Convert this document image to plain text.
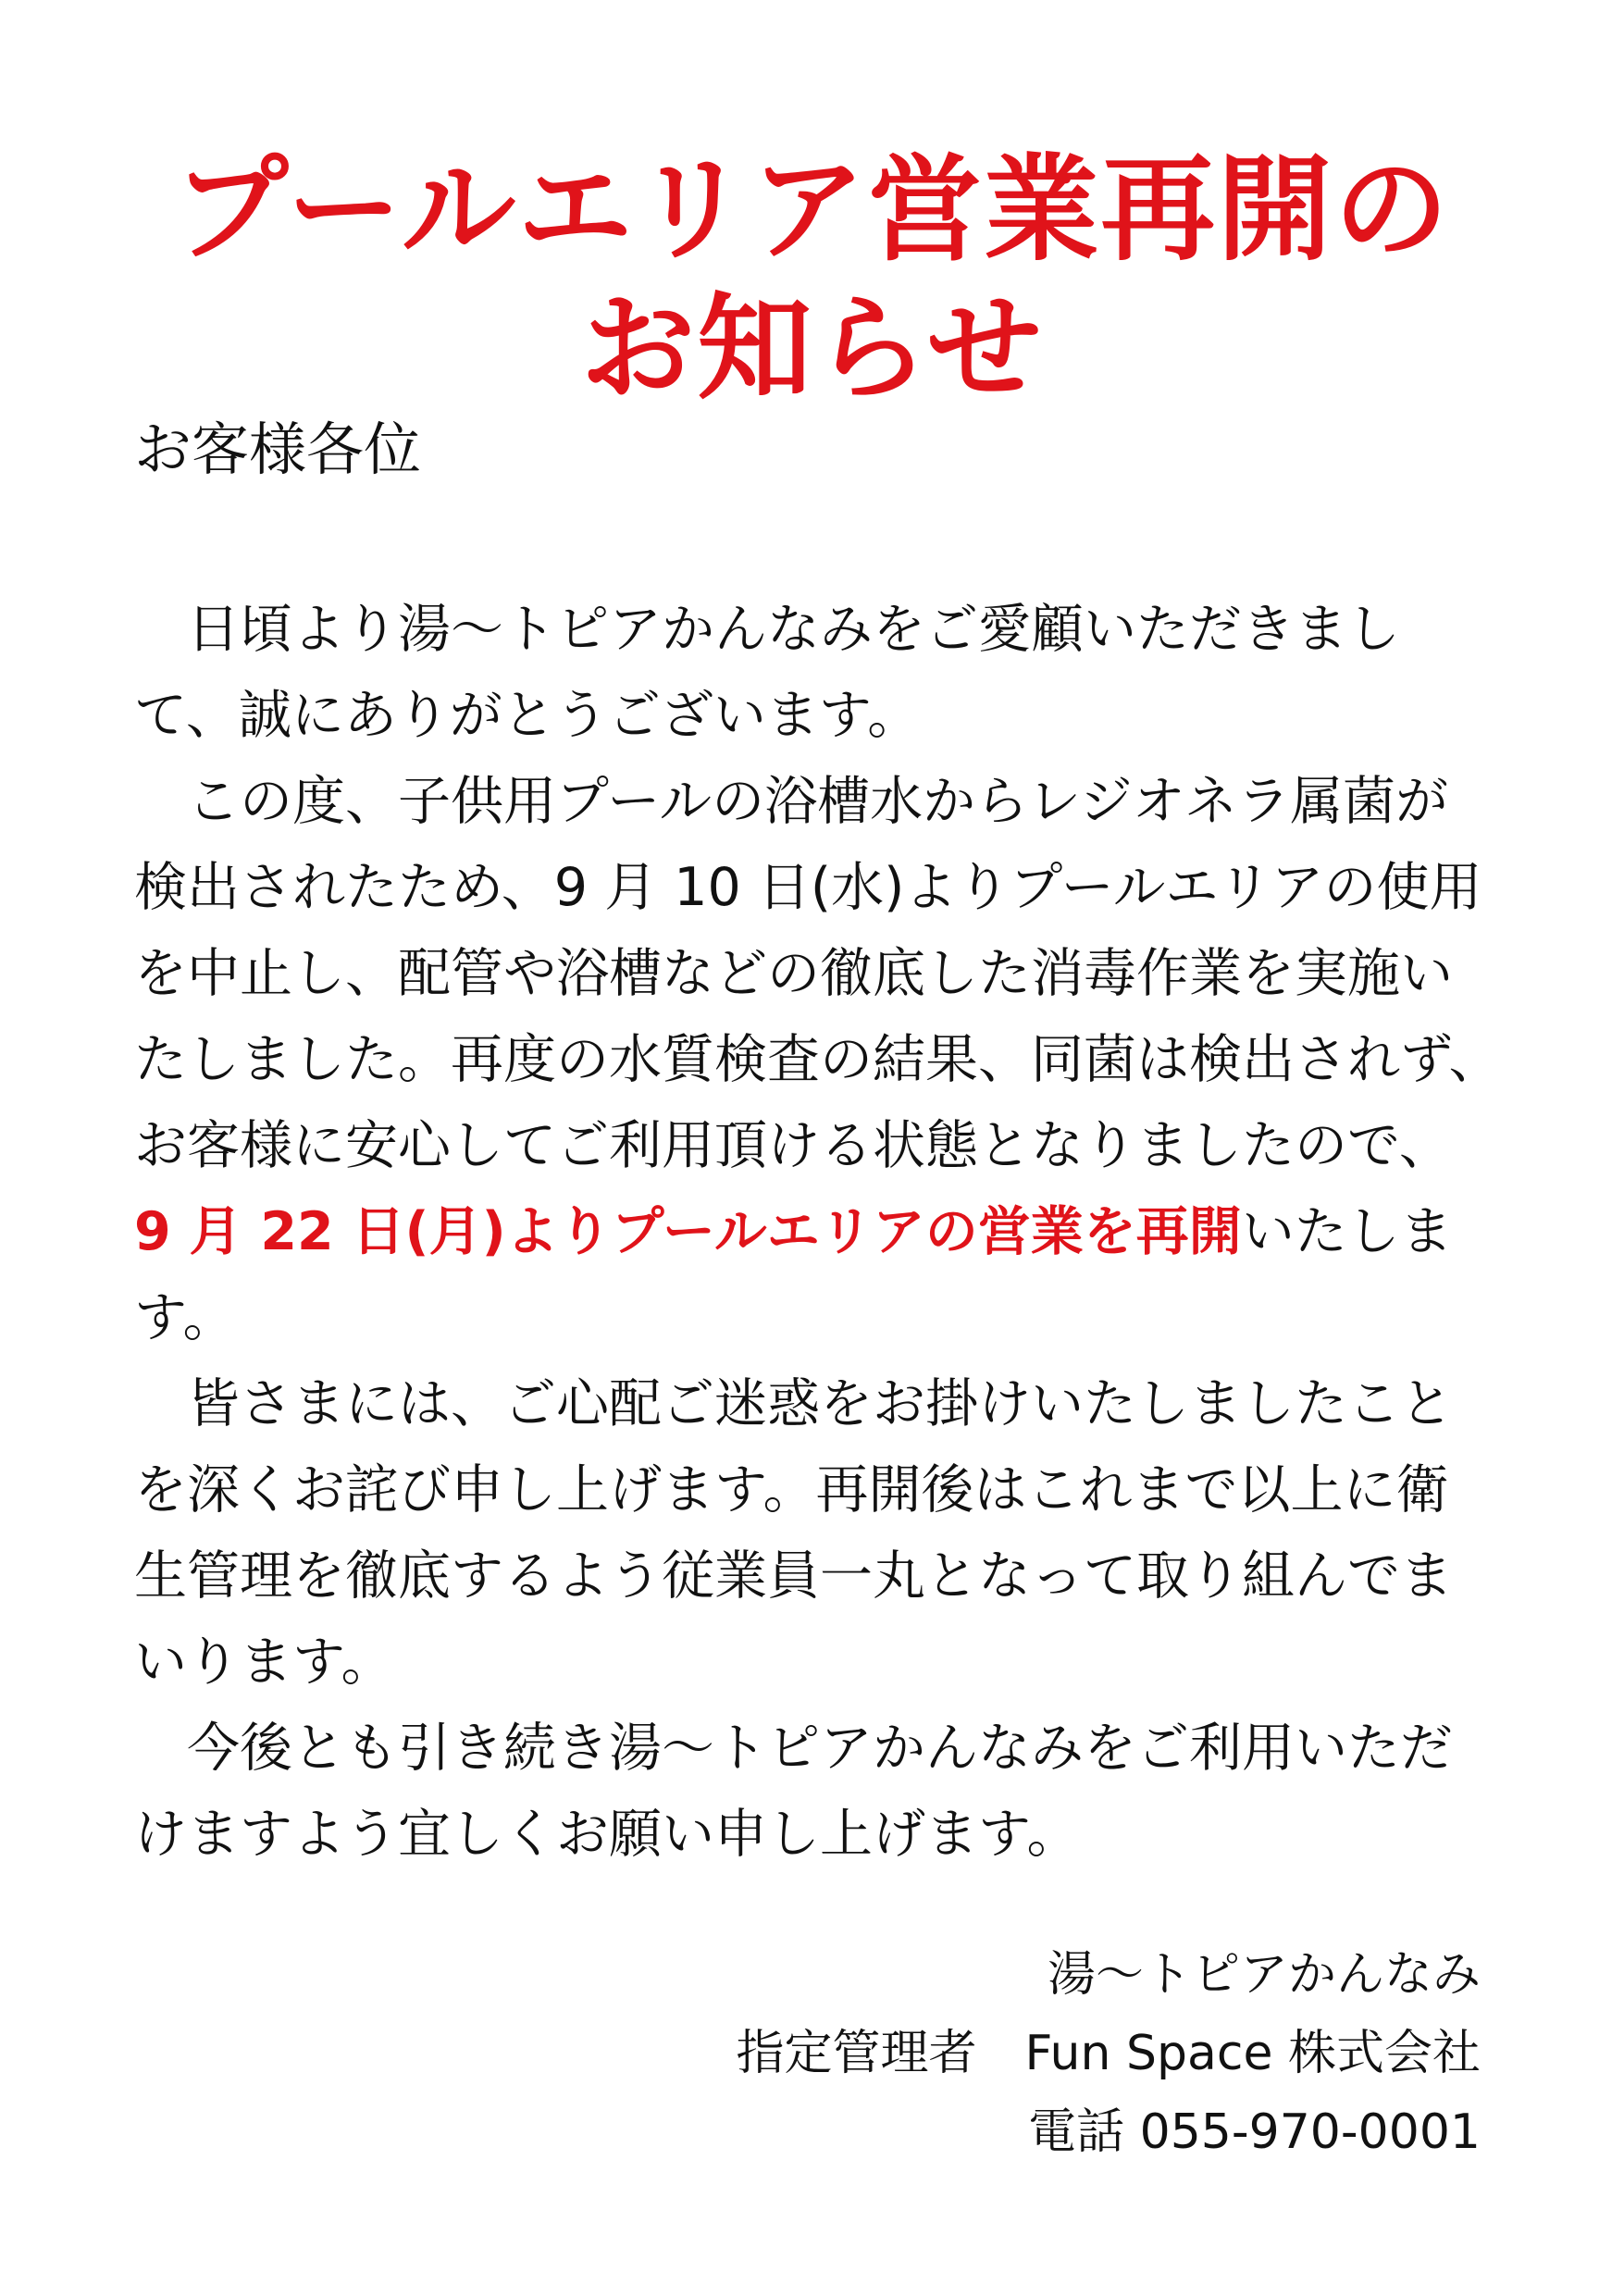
プールエリア営業再開の
お知らせ
お客様各位
　日頃より湯～トピアかんなみをご愛顧いただきまし
て、誠にありがとうございます。
　この度、子供用プールの浴槽水からレジオネラ属菌が
検出されたため、9 月 10 日(水)よりプールエリアの使用
を中止し、配管や浴槽などの徹底した消毒作業を実施い
たしました。再度の水質検査の結果、同菌は検出されず、
お客様に安心してご利用頂ける状態となりましたので、
9 月 22 日(月)よりプールエリアの営業を再開いたしま
す。
　皆さまには、ご心配ご迷惑をお掛けいたしましたこと
を深くお詫び申し上げます。再開後はこれまで以上に衛
生管理を徹底するよう従業員一丸となって取り組んでま
いります。
　今後とも引き続き湯～トピアかんなみをご利用いただ
けますよう宜しくお願い申し上げます。
湯～トピアかんなみ
指定管理者　Fun Space 株式会社
電話 055-970-0001
